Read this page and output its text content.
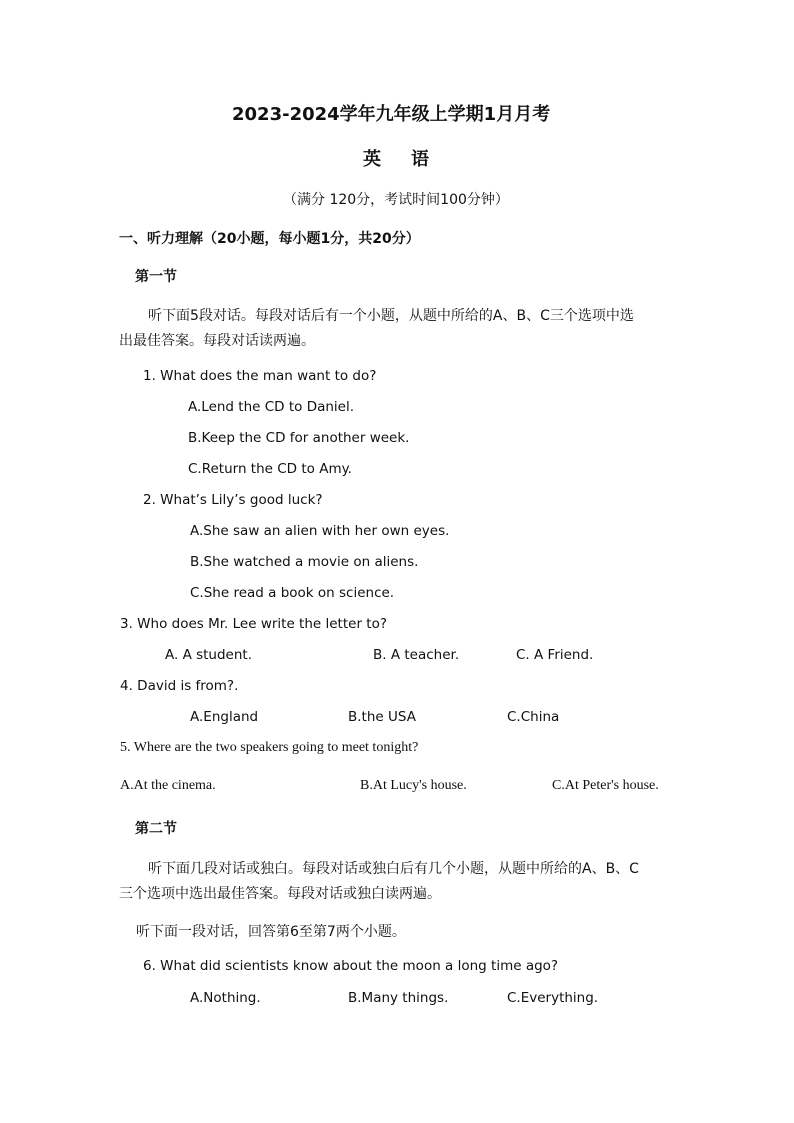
2023-2024学年九年级上学期1月月考
英语
（满分 120分，考试时间100分钟）
一、听力理解（20小题，每小题1分，共20分）
第一节
听下面5段对话。每段对话后有一个小题，从题中所给的A、B、C三个选项中选
出最佳答案。每段对话读两遍。
1. What does the man want to do?
A.Lend the CD to Daniel.
B.Keep the CD for another week.
C.Return the CD to Amy.
2. What’s Lily’s good luck?
A.She saw an alien with her own eyes.
B.She watched a movie on aliens.
C.She read a book on science.
3. Who does Mr. Lee write the letter to?
A. A student.	B. A teacher.	C. A Friend.
4. David is from?.
A.England	B.the USA	C.China
5. Where are the two speakers going to meet tonight?
A.At the cinema.	B.At Lucy's house.	C.At Peter's house.
第二节
听下面几段对话或独白。每段对话或独白后有几个小题，从题中所给的A、B、C
三个选项中选出最佳答案。每段对话或独白读两遍。
听下面一段对话，回答第6至第7两个小题。
6. What did scientists know about the moon a long time ago?
A.Nothing.	B.Many things.	C.Everything.
